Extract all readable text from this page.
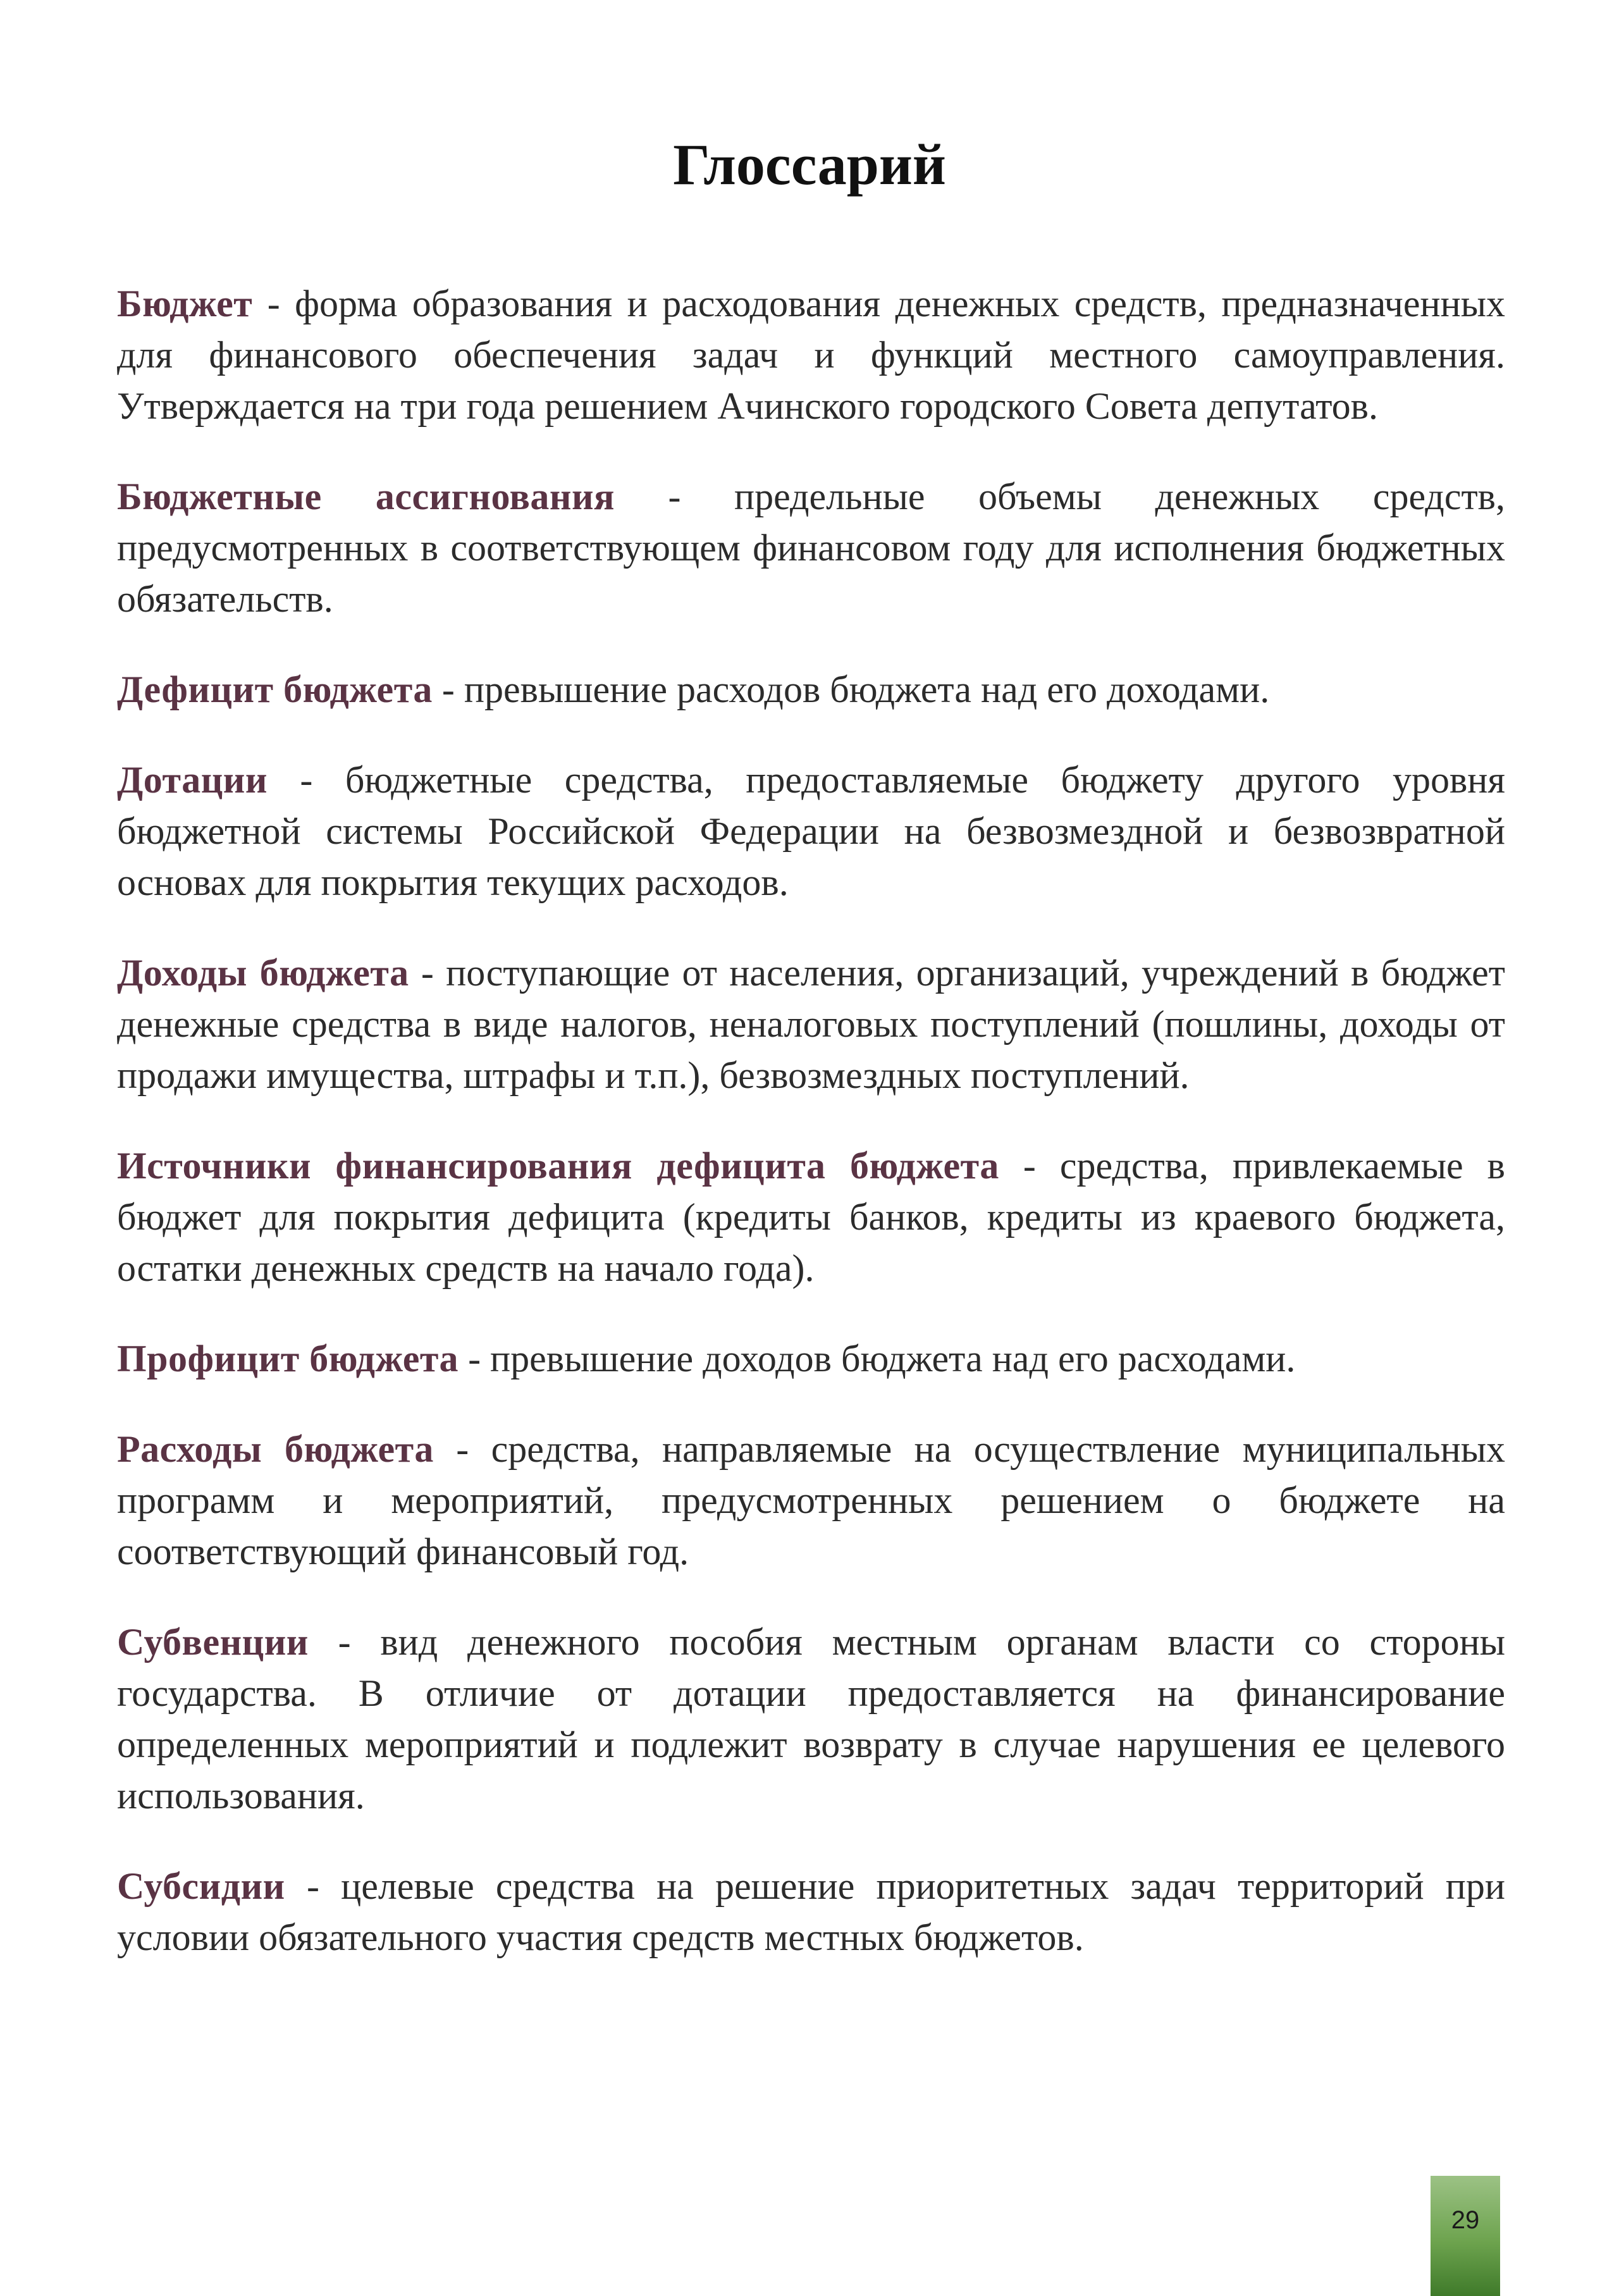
Глоссарий

Бюджет - форма образования и расходования денежных средств, предназначенных для финансового обеспечения задач и функций местного самоуправления. Утверждается на три года решением Ачинского городского Совета депутатов.

Бюджетные ассигнования - предельные объемы денежных средств, предусмотренных в соответствующем финансовом году для исполнения бюджетных обязательств.

Дефицит бюджета - превышение расходов бюджета над его доходами.

Дотации - бюджетные средства, предоставляемые бюджету другого уровня бюджетной системы Российской Федерации на безвозмездной и безвозвратной основах для покрытия текущих расходов.

Доходы бюджета - поступающие от населения, организаций, учреждений в бюджет денежные средства в виде налогов, неналоговых поступлений (пошлины, доходы от продажи имущества, штрафы и т.п.), безвозмездных поступлений.

Источники финансирования дефицита бюджета - средства, привлекаемые в бюджет для покрытия дефицита (кредиты банков, кредиты из краевого бюджета, остатки денежных средств на начало года).

Профицит бюджета - превышение доходов бюджета над его расходами.

Расходы бюджета - средства, направляемые на осуществление муниципальных программ и мероприятий, предусмотренных решением о бюджете на соответствующий финансовый год.

Субвенции - вид денежного пособия местным органам власти со стороны государства. В отличие от дотации предоставляется на финансирование определенных мероприятий и подлежит возврату в случае нарушения ее целевого использования.

Субсидии - целевые средства на решение приоритетных задач территорий при условии обязательного участия средств местных бюджетов.

29
